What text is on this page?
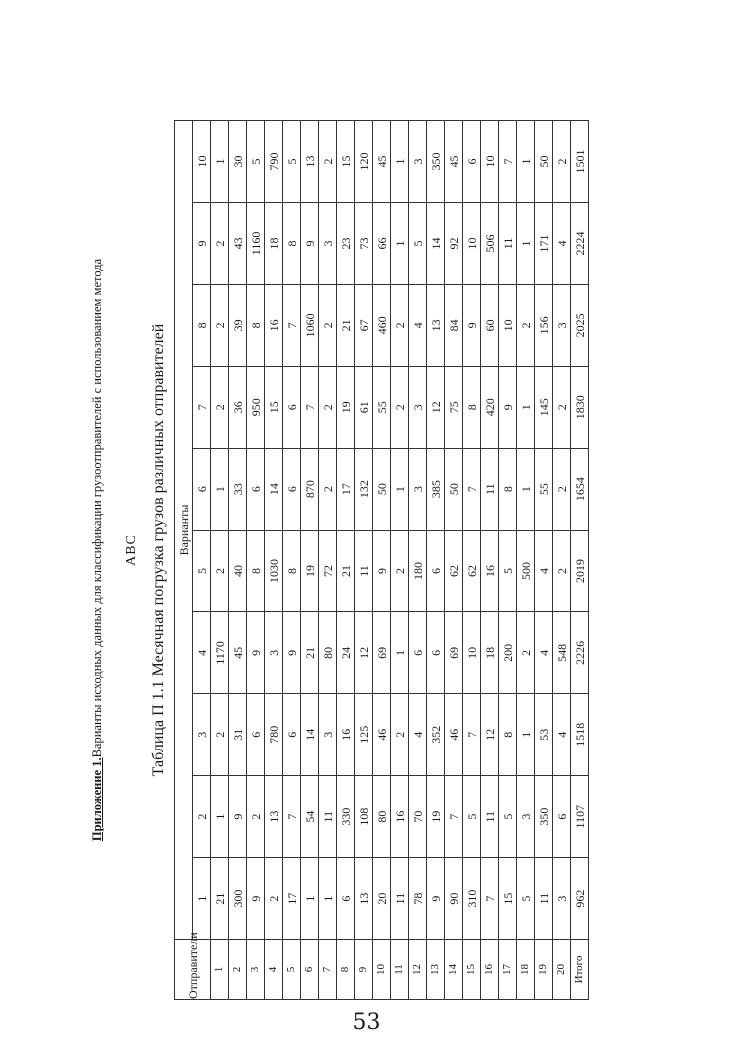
Приложение 1.Варианты исходных данных для классификации грузоотправителей с использованием метода ABC Таблица П 1.1 Месячная погрузка грузов различных отправителей
Отправители	Варианты									
	1	2	3	4	5	6	7	8	9	10
1	21	1	2	1170	2	1	2	2	2	1
2	300	9	31	45	40	33	36	39	43	30
3	9	2	6	9	8	6	950	8	1160	5
4	2	13	780	3	1030	14	15	16	18	790
5	17	7	6	9	8	6	6	7	8	5
6	1	54	14	21	19	870	7	1060	9	13
7	1	11	3	80	72	2	2	2	3	2
8	6	330	16	24	21	17	19	21	23	15
9	13	108	125	12	11	132	61	67	73	120
10	20	80	46	69	9	50	55	460	66	45
11	11	16	2	1	2	1	2	2	1	1
12	78	70	4	6	180	3	3	4	5	3
13	9	19	352	6	6	385	12	13	14	350
14	90	7	46	69	62	50	75	84	92	45
15	310	5	7	10	62	7	8	9	10	6
16	7	11	12	18	16	11	420	60	506	10
17	15	5	8	200	5	8	9	10	11	7
18	5	3	1	2	500	1	1	2	1	1
19	11	350	53	4	4	55	145	156	171	50
20	3	6	4	548	2	2	2	3	4	2
Итого	962	1107	1518	2226	2019	1654	1830	2025	2224	1501
53
